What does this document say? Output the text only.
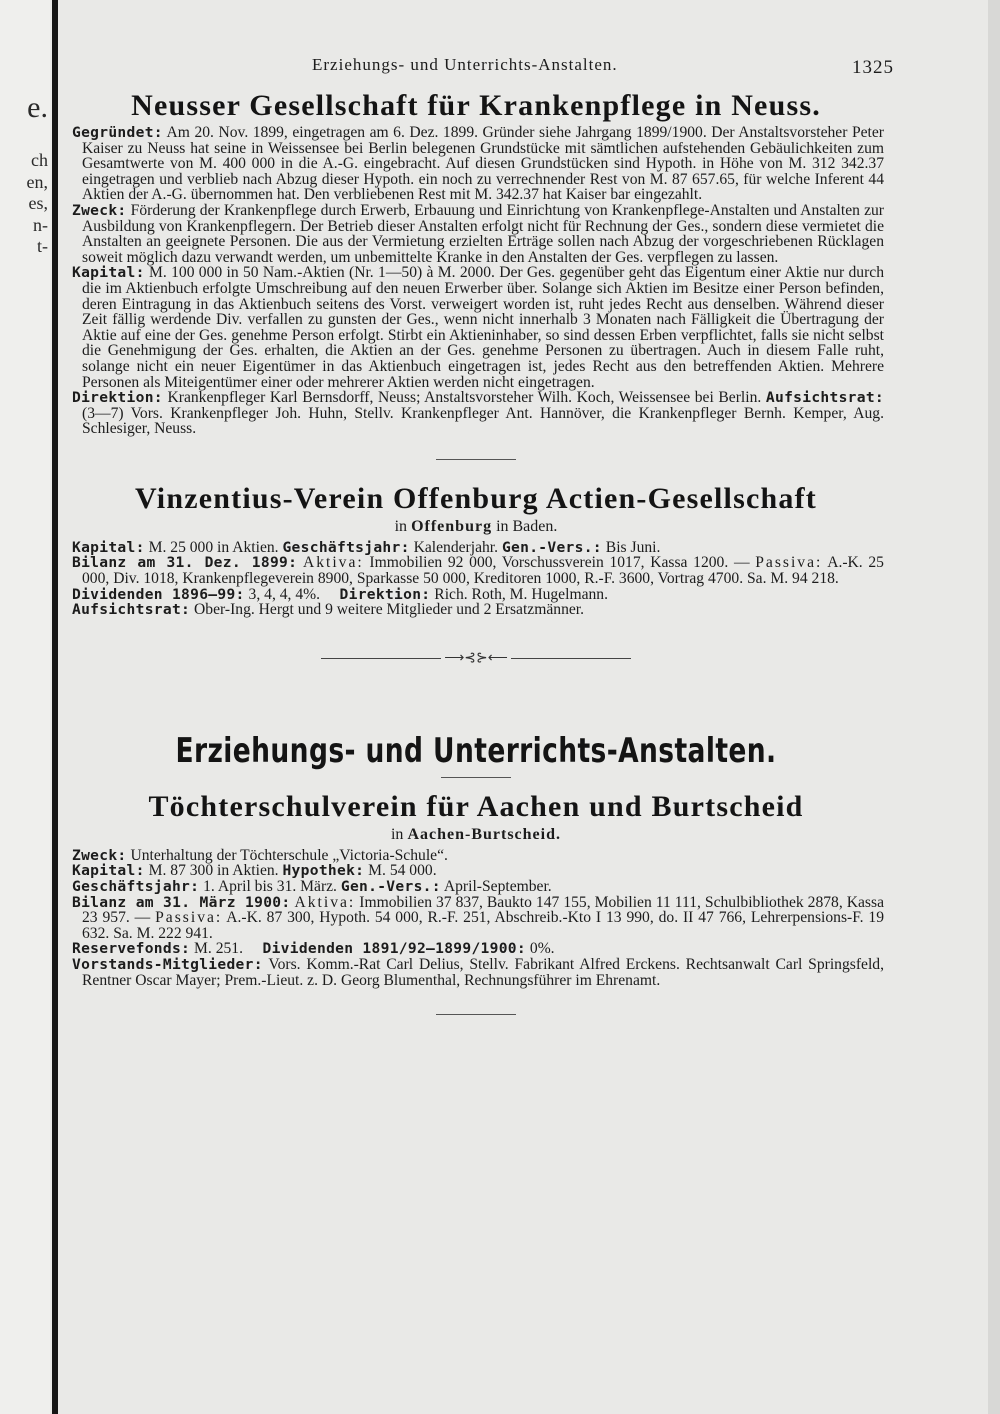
e.
ch
en,
es,
n-
t-
Erziehungs- und Unterrichts-Anstalten.	1325
Neusser Gesellschaft für Krankenpflege in Neuss.

Gegründet: Am 20. Nov. 1899, eingetragen am 6. Dez. 1899. Gründer siehe Jahrgang 1899/1900. Der Anstaltsvorsteher Peter Kaiser zu Neuss hat seine in Weissensee bei Berlin belegenen Grundstücke mit sämtlichen aufstehenden Gebäulichkeiten zum Gesamtwerte von M. 400 000 in die A.-G. eingebracht. Auf diesen Grundstücken sind Hypoth. in Höhe von M. 312 342.37 eingetragen und verblieb nach Abzug dieser Hypoth. ein noch zu verrechnender Rest von M. 87 657.65, für welche Inferent 44 Aktien der A.-G. übernommen hat. Den verbliebenen Rest mit M. 342.37 hat Kaiser bar eingezahlt.

Zweck: Förderung der Krankenpflege durch Erwerb, Erbauung und Einrichtung von Krankenpflege-Anstalten und Anstalten zur Ausbildung von Krankenpflegern. Der Betrieb dieser Anstalten erfolgt nicht für Rechnung der Ges., sondern diese vermietet die Anstalten an geeignete Personen. Die aus der Vermietung erzielten Erträge sollen nach Abzug der vorgeschriebenen Rücklagen soweit möglich dazu verwandt werden, um unbemittelte Kranke in den Anstalten der Ges. verpflegen zu lassen.

Kapital: M. 100 000 in 50 Nam.-Aktien (Nr. 1—50) à M. 2000. Der Ges. gegenüber geht das Eigentum einer Aktie nur durch die im Aktienbuch erfolgte Umschreibung auf den neuen Erwerber über. Solange sich Aktien im Besitze einer Person befinden, deren Eintragung in das Aktienbuch seitens des Vorst. verweigert worden ist, ruht jedes Recht aus denselben. Während dieser Zeit fällig werdende Div. verfallen zu gunsten der Ges., wenn nicht innerhalb 3 Monaten nach Fälligkeit die Übertragung der Aktie auf eine der Ges. genehme Person erfolgt. Stirbt ein Aktieninhaber, so sind dessen Erben verpflichtet, falls sie nicht selbst die Genehmigung der Ges. erhalten, die Aktien an der Ges. genehme Personen zu übertragen. Auch in diesem Falle ruht, solange nicht ein neuer Eigentümer in das Aktienbuch eingetragen ist, jedes Recht aus den betreffenden Aktien. Mehrere Personen als Miteigentümer einer oder mehrerer Aktien werden nicht eingetragen.

Direktion: Krankenpfleger Karl Bernsdorff, Neuss; Anstaltsvorsteher Wilh. Koch, Weissensee bei Berlin. Aufsichtsrat: (3—7) Vors. Krankenpfleger Joh. Huhn, Stellv. Krankenpfleger Ant. Hannöver, die Krankenpfleger Bernh. Kemper, Aug. Schlesiger, Neuss.

Vinzentius-Verein Offenburg Actien-Gesellschaft
in Offenburg in Baden.

Kapital: M. 25 000 in Aktien. Geschäftsjahr: Kalenderjahr. Gen.-Vers.: Bis Juni.

Bilanz am 31. Dez. 1899: Aktiva: Immobilien 92 000, Vorschussverein 1017, Kassa 1200. — Passiva: A.-K. 25 000, Div. 1018, Krankenpflegeverein 8900, Sparkasse 50 000, Kreditoren 1000, R.-F. 3600, Vortrag 4700. Sa. M. 94 218.

Dividenden 1896—99: 3, 4, 4, 4%. Direktion: Rich. Roth, M. Hugelmann.

Aufsichtsrat: Ober-Ing. Hergt und 9 weitere Mitglieder und 2 Ersatzmänner.

⟶⊰⊱⟵
Erziehungs- und Unterrichts-Anstalten.
Töchterschulverein für Aachen und Burtscheid
in Aachen-Burtscheid.

Zweck: Unterhaltung der Töchterschule „Victoria-Schule“.

Kapital: M. 87 300 in Aktien. Hypothek: M. 54 000.

Geschäftsjahr: 1. April bis 31. März. Gen.-Vers.: April-September.

Bilanz am 31. März 1900: Aktiva: Immobilien 37 837, Baukto 147 155, Mobilien 11 111, Schulbibliothek 2878, Kassa 23 957. — Passiva: A.-K. 87 300, Hypoth. 54 000, R.-F. 251, Abschreib.-Kto I 13 990, do. II 47 766, Lehrerpensions-F. 19 632. Sa. M. 222 941.

Reservefonds: M. 251. Dividenden 1891/92—1899/1900: 0%.

Vorstands-Mitglieder: Vors. Komm.-Rat Carl Delius, Stellv. Fabrikant Alfred Erckens. Rechtsanwalt Carl Springsfeld, Rentner Oscar Mayer; Prem.-Lieut. z. D. Georg Blumenthal, Rechnungsführer im Ehrenamt.
